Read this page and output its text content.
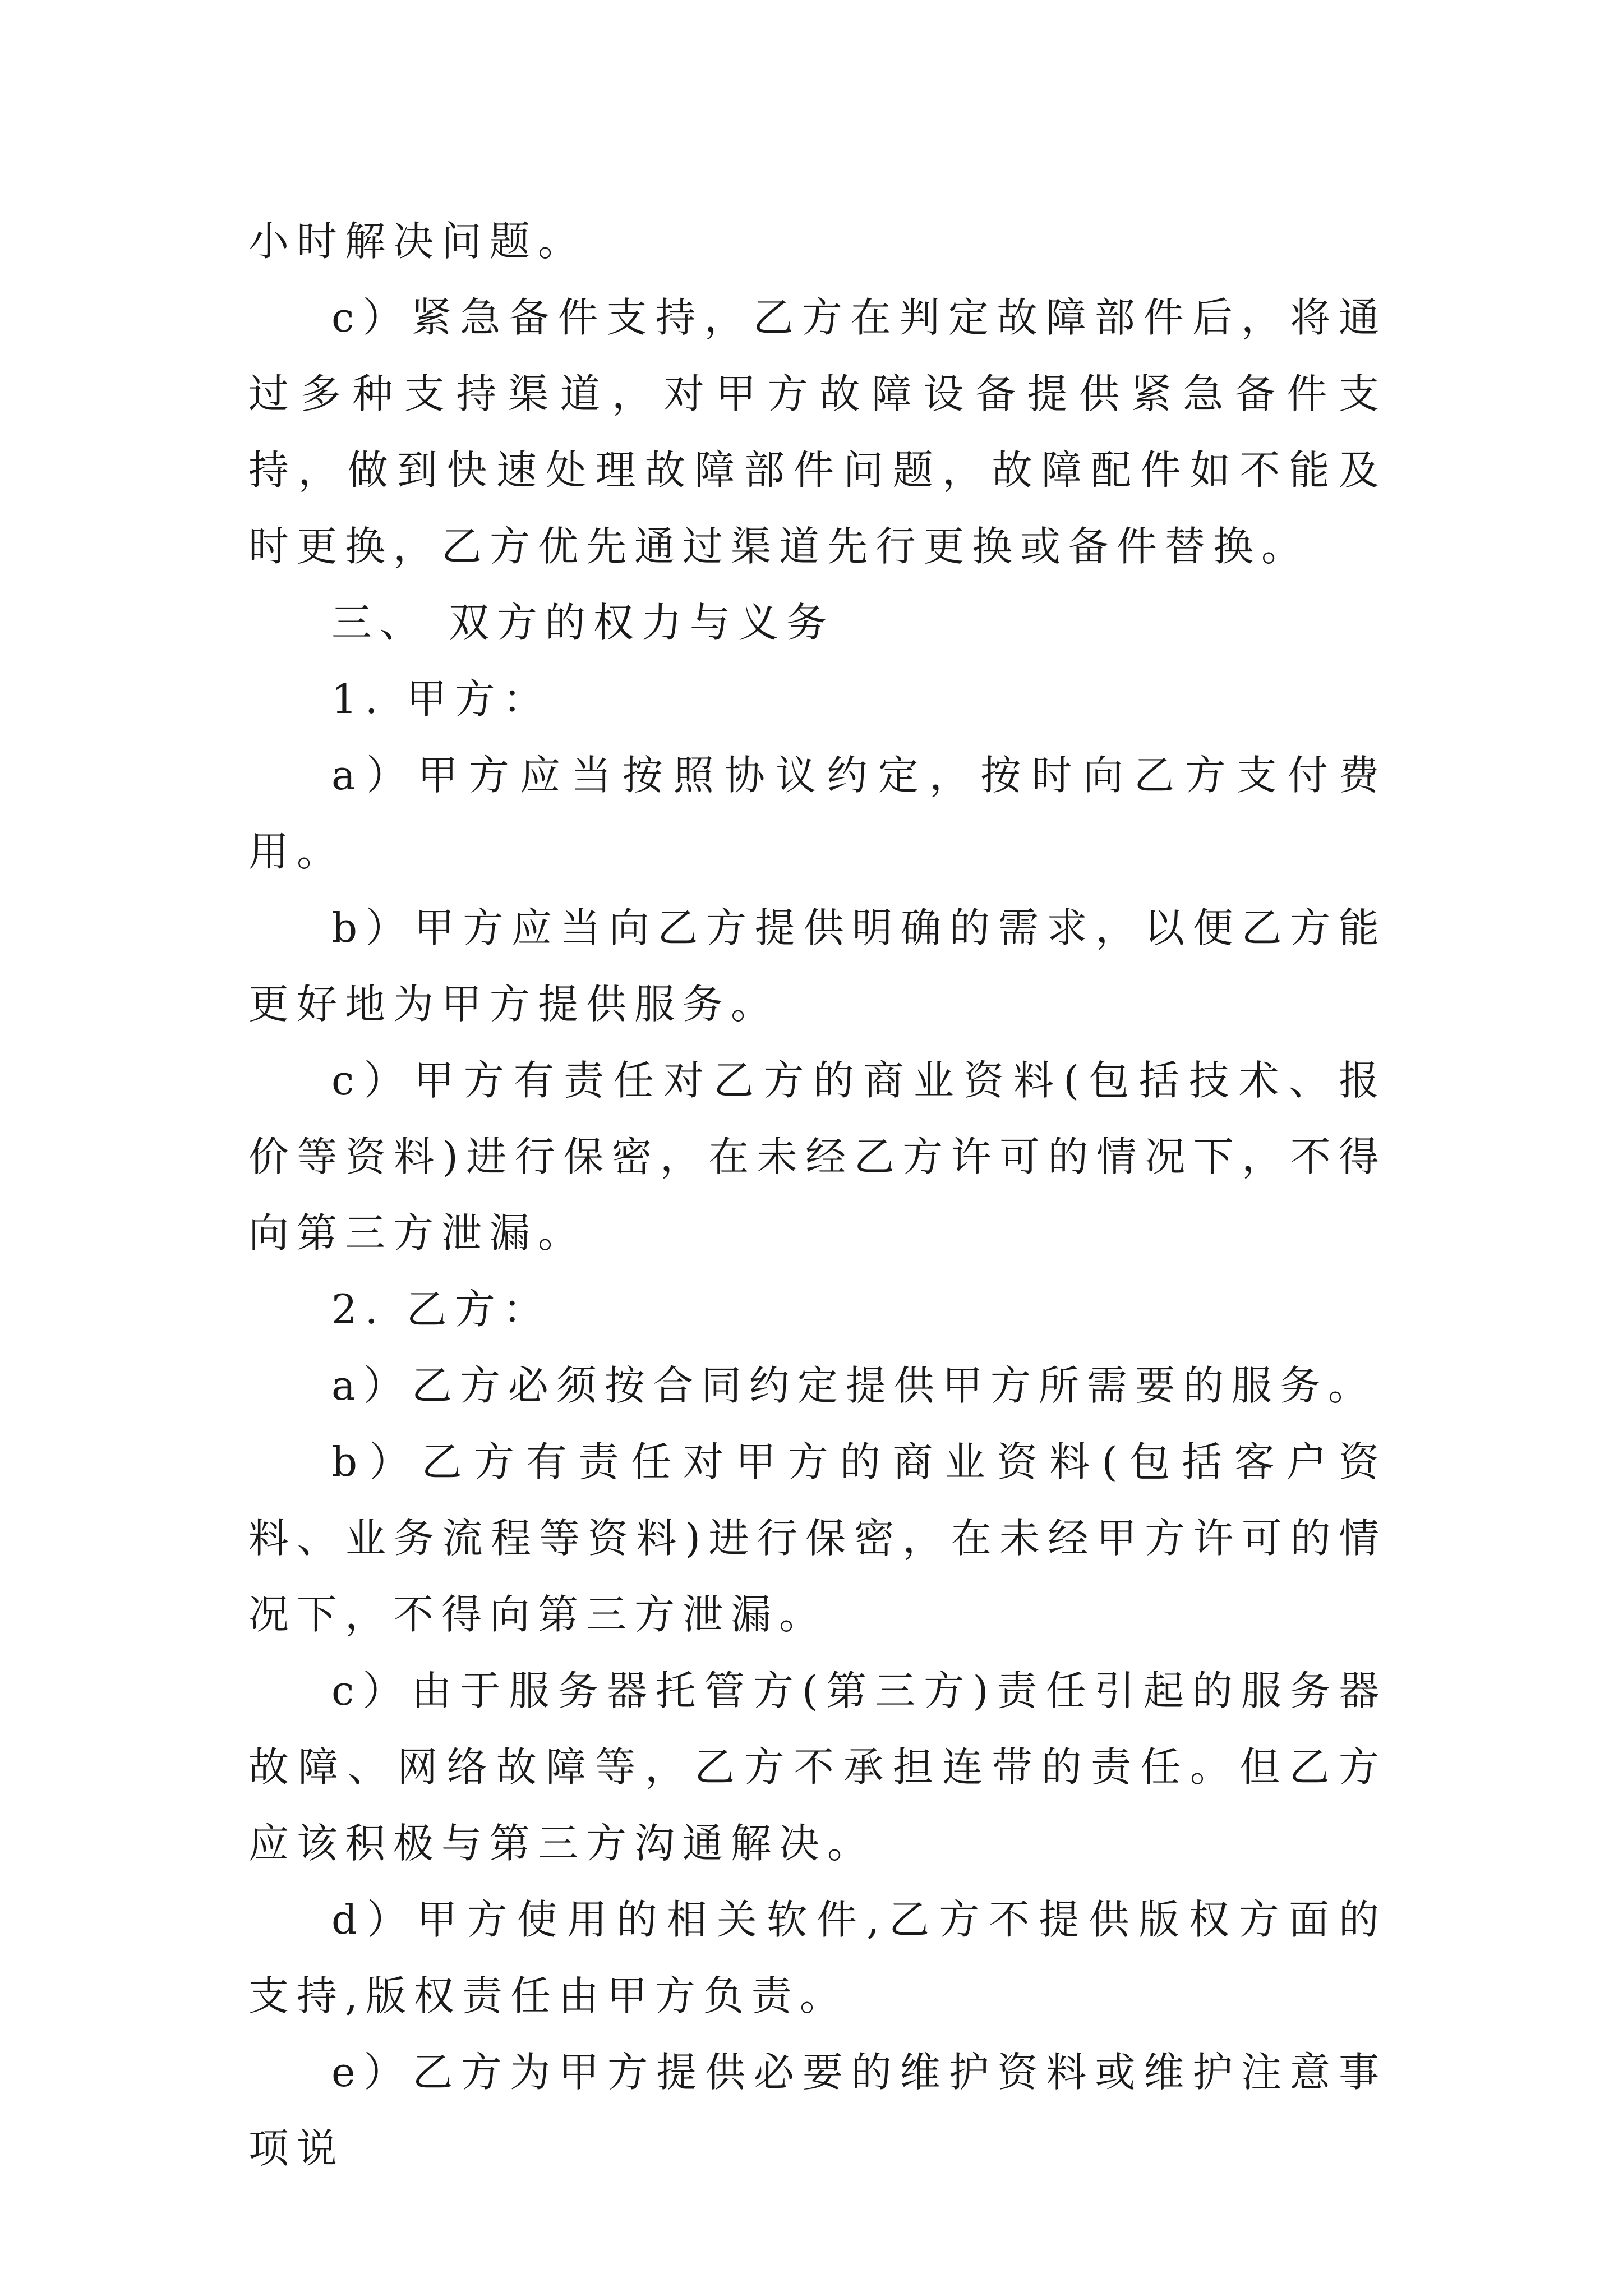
小时解决问题。

c）紧急备件支持，乙方在判定故障部件后，将通过多种支持渠道，对甲方故障设备提供紧急备件支持，做到快速处理故障部件问题，故障配件如不能及时更换，乙方优先通过渠道先行更换或备件替换。

三、 双方的权力与义务

1. 甲方：

a）甲方应当按照协议约定，按时向乙方支付费用。

b）甲方应当向乙方提供明确的需求，以便乙方能更好地为甲方提供服务。

c）甲方有责任对乙方的商业资料(包括技术、报价等资料)进行保密，在未经乙方许可的情况下，不得向第三方泄漏。

2. 乙方：

a）乙方必须按合同约定提供甲方所需要的服务。

b）乙方有责任对甲方的商业资料(包括客户资料、业务流程等资料)进行保密，在未经甲方许可的情况下，不得向第三方泄漏。

c）由于服务器托管方(第三方)责任引起的服务器故障、网络故障等，乙方不承担连带的责任。但乙方应该积极与第三方沟通解决。

d）甲方使用的相关软件,乙方不提供版权方面的支持,版权责任由甲方负责。

e）乙方为甲方提供必要的维护资料或维护注意事项说
